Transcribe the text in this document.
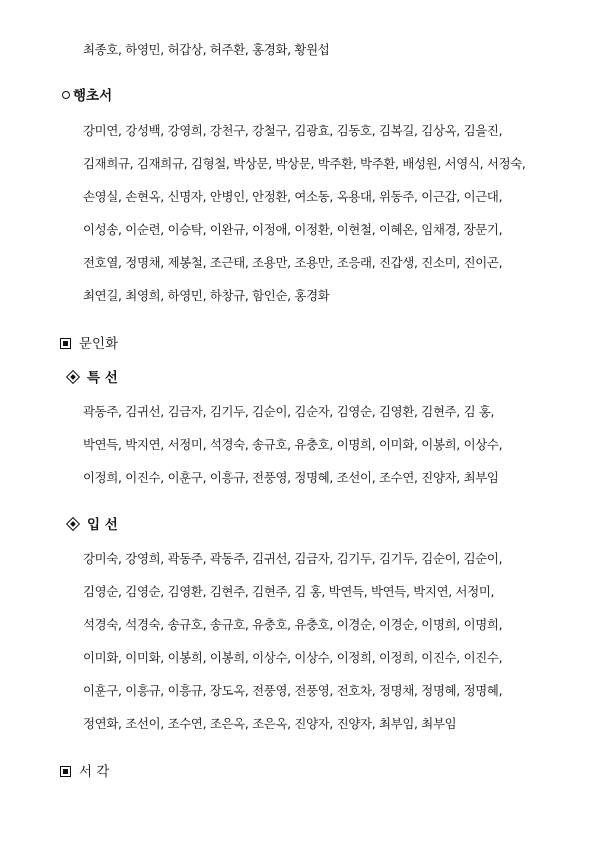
최종호, 하영민, 허갑상, 허주환, 홍경화, 황원섭
행초서
강미연, 강성백, 강영희, 강천구, 강철구, 김광효, 김동호, 김복길, 김상옥, 김을진,
김재희규, 김재희규, 김형철, 박상문, 박상문, 박주환, 박주환, 배성원, 서영식, 서정숙,
손영실, 손현옥, 신명자, 안병인, 안정환, 여소동, 옥용대, 위동주, 이근갑, 이근대,
이성송, 이순련, 이승탁, 이완규, 이정애, 이정환, 이현철, 이혜온, 임채경, 장문기,
전호열, 정명채, 제봉철, 조근태, 조용만, 조용만, 조응래, 진갑생, 진소미, 진이곤,
최연길, 최영희, 하영민, 하창규, 함인순, 홍경화
문인화
특 선
곽동주, 김귀선, 김금자, 김기두, 김순이, 김순자, 김영순, 김영환, 김현주, 김 홍,
박연득, 박지연, 서정미, 석경숙, 송규호, 유충호, 이명희, 이미화, 이봉희, 이상수,
이정희, 이진수, 이훈구, 이흥규, 전풍영, 정명혜, 조선이, 조수연, 진양자, 최부임
입 선
강미숙, 강영희, 곽동주, 곽동주, 김귀선, 김금자, 김기두, 김기두, 김순이, 김순이,
김영순, 김영순, 김영환, 김현주, 김현주, 김 홍, 박연득, 박연득, 박지연, 서정미,
석경숙, 석경숙, 송규호, 송규호, 유충호, 유충호, 이경순, 이경순, 이명희, 이명희,
이미화, 이미화, 이봉희, 이봉희, 이상수, 이상수, 이정희, 이정희, 이진수, 이진수,
이훈구, 이흥규, 이흥규, 장도옥, 전풍영, 전풍영, 전호차, 정명채, 정명혜, 정명혜,
정연화, 조선이, 조수연, 조은옥, 조은옥, 진양자, 진양자, 최부임, 최부임
서 각
